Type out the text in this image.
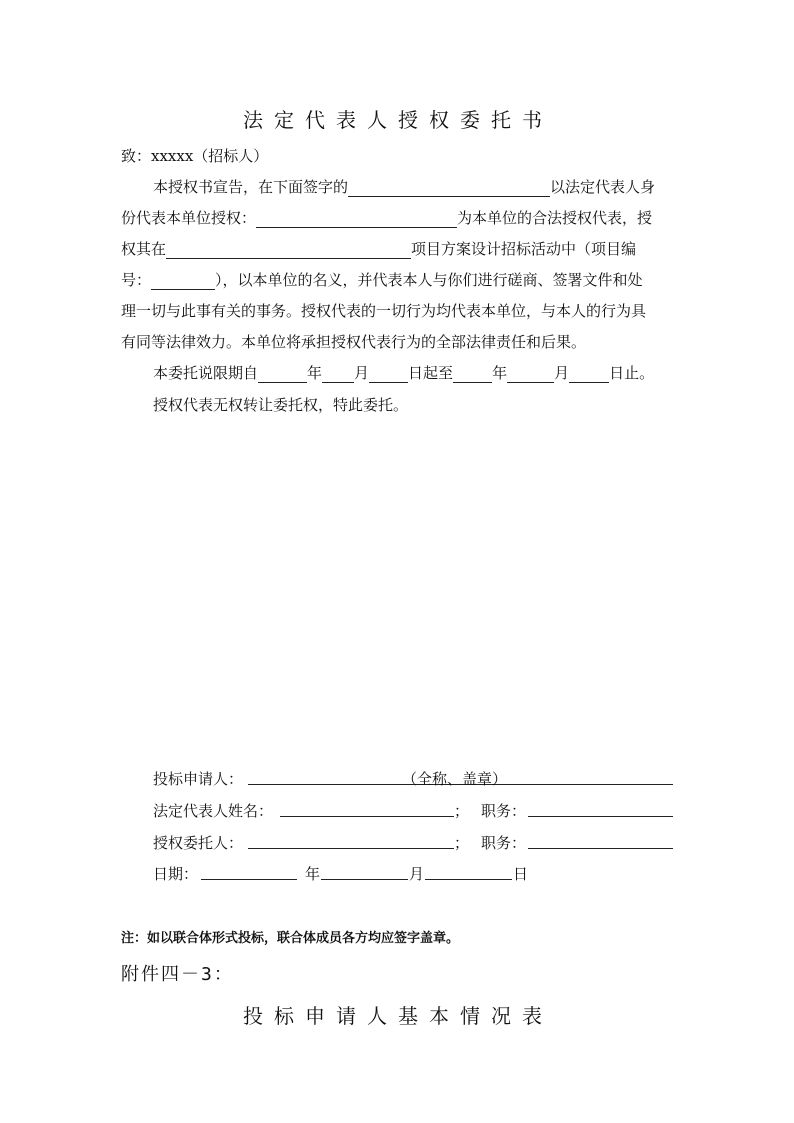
法定代表人授权委托书
致：xxxxx（招标人）
本授权书宣告，在下面签字的	以法定代表人身
份代表本单位授权：	为本单位的合法授权代表，授
权其在	项目方案设计招标活动中（项目编
号：	），以本单位的名义，并代表本人与你们进行磋商、签署文件和处
理一切与此事有关的事务。授权代表的一切行为均代表本单位，与本人的行为具
有同等法律效力。本单位将承担授权代表行为的全部法律责任和后果。
本委托说限期自	年 月	日起至	年	月	日止。
授权代表无权转让委托权，特此委托。
投标申请人：	（全称、盖章）
法定代表人姓名：	； 职务：
授权委托人：	； 职务：
日期：	年	月	日
注：如以联合体形式投标，联合体成员各方均应签字盖章。
附件四－3：
投标申请人基本情况表
